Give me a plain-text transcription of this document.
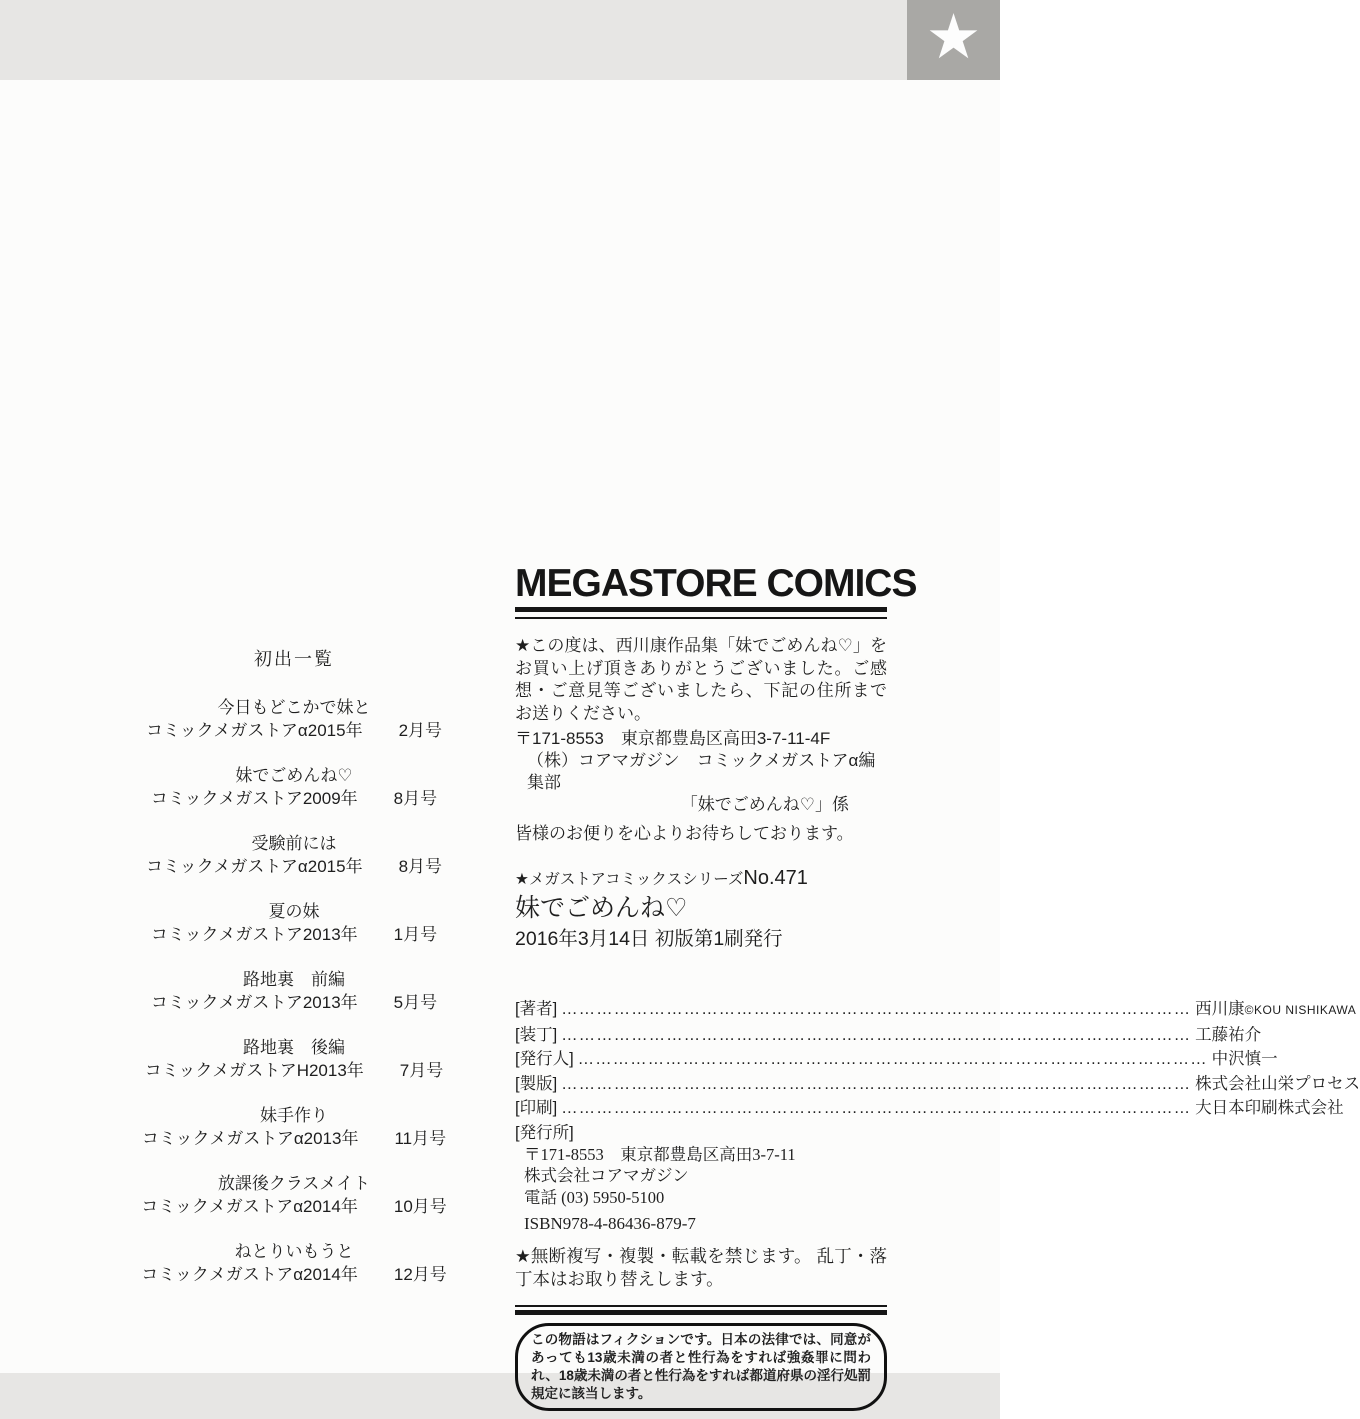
★
初出一覧
今日もどこかで妹と
コミックメガストアα2015年 2月号
妹でごめんね♡
コミックメガストア2009年 8月号
受験前には
コミックメガストアα2015年 8月号
夏の妹
コミックメガストア2013年 1月号
路地裏　前編
コミックメガストア2013年 5月号
路地裏　後編
コミックメガストアH2013年 7月号
妹手作り
コミックメガストアα2013年 11月号
放課後クラスメイト
コミックメガストアα2014年 10月号
ねとりいもうと
コミックメガストアα2014年 12月号
MEGASTORE COMICS
★この度は、西川康作品集「妹でごめんね♡」をお買い上げ頂きありがとうございました。ご感想・ご意見等ございましたら、下記の住所までお送りください。
〒171-8553　東京都豊島区高田3-7-11-4F
（株）コアマガジン　コミックメガストアα編集部
「妹でごめんね♡」係
皆様のお便りを心よりお待ちしております。
★メガストアコミックスシリーズNo.471
妹でごめんね♡
2016年3月14日 初版第1刷発行
[著者] ……………………………………………………………………………………………… 西川康 ©KOU NISHIKAWA
[装丁] ……………………………………………………………………………………………… 工藤祐介
[発行人] ……………………………………………………………………………………………… 中沢慎一
[製版] ……………………………………………………………………………………………… 株式会社山栄プロセス
[印刷] ……………………………………………………………………………………………… 大日本印刷株式会社
[発行所]
〒171-8553　東京都豊島区高田3-7-11
株式会社コアマガジン
電話 (03) 5950-5100
ISBN978-4-86436-879-7
★無断複写・複製・転載を禁じます。 乱丁・落丁本はお取り替えします。
この物語はフィクションです。日本の法律では、同意があっても13歳未満の者と性行為をすれば強姦罪に問われ、18歳未満の者と性行為をすれば都道府県の淫行処罰規定に該当します。
